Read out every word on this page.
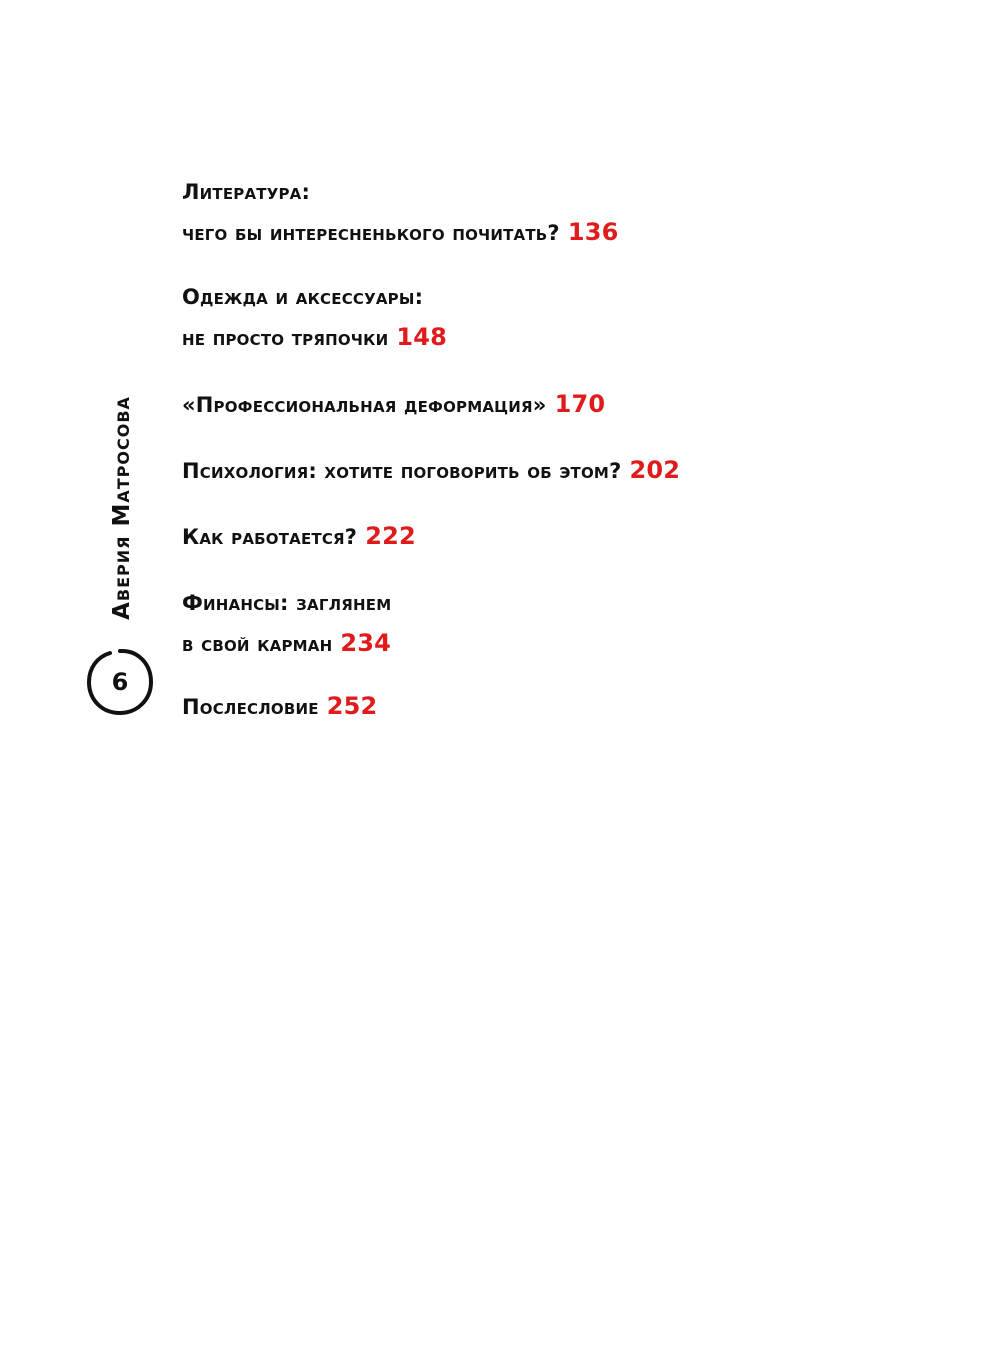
Аверия Матросова
6
Литература:
чего бы интересненького почитать? 136
Одежда и аксессуары:
не просто тряпочки 148
«Профессиональная деформация» 170
Психология: хотите поговорить об этом? 202
Как работается? 222
Финансы: заглянем
в свой карман 234
Послесловие 252
